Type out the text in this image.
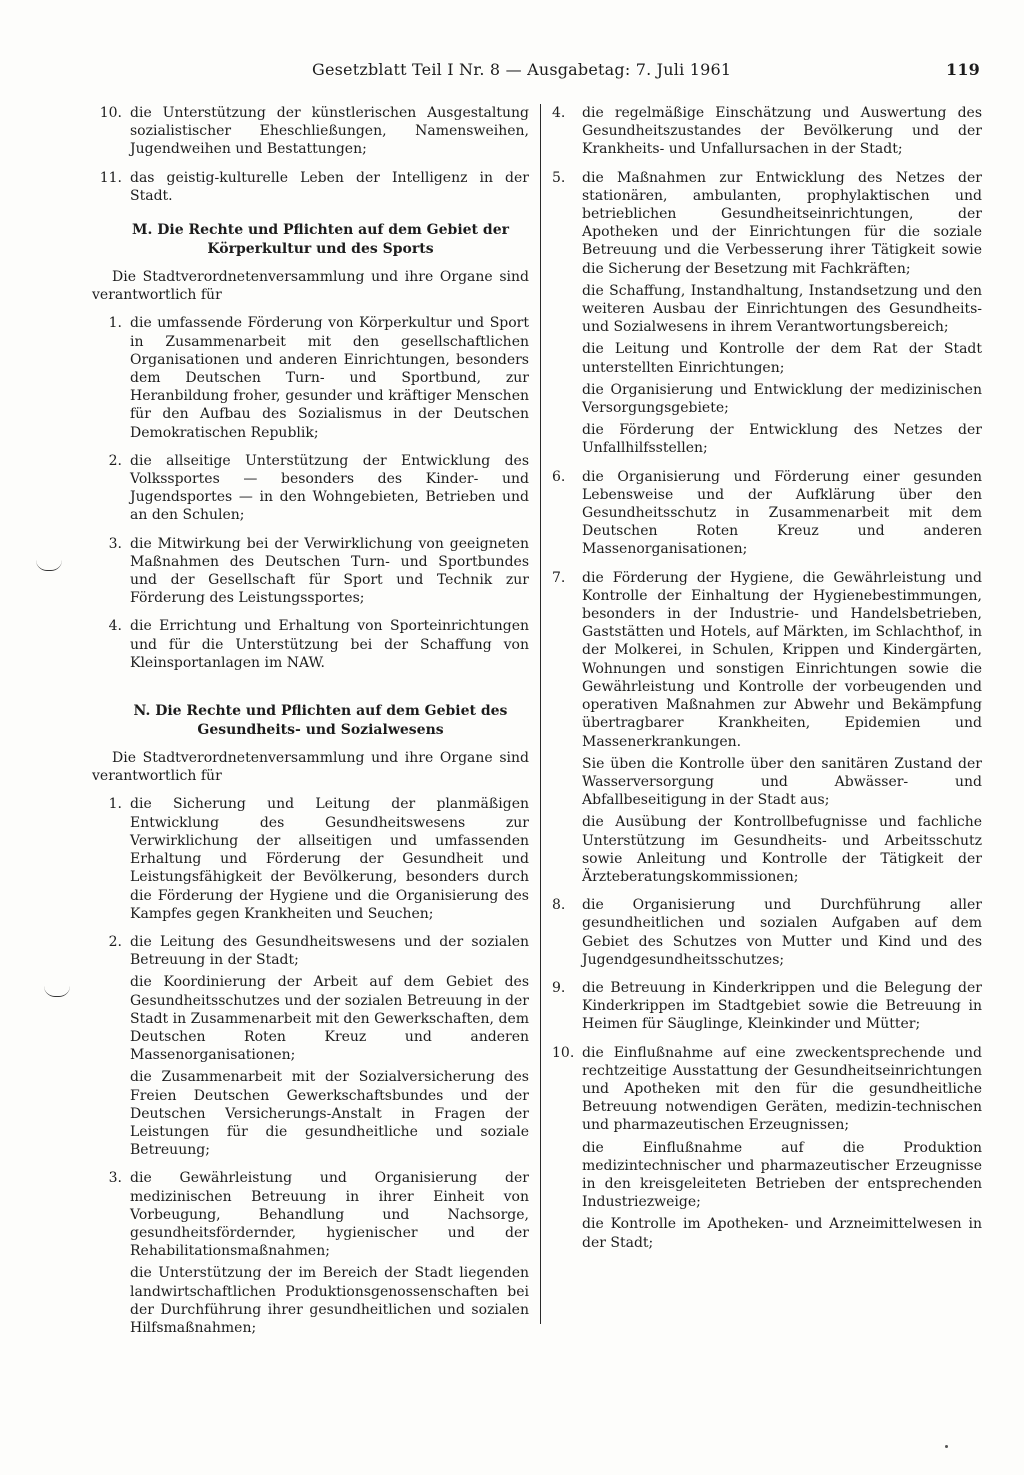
Gesetzblatt Teil I Nr. 8 — Ausgabetag: 7. Juli 1961	119
10. die Unterstützung der künstlerischen Ausgestaltung sozialistischer Eheschließungen, Namensweihen, Jugendweihen und Bestattungen;
11. das geistig-kulturelle Leben der Intelligenz in der Stadt.
M. Die Rechte und Pflichten auf dem Gebiet der
Körperkultur und des Sports
Die Stadtverordnetenversammlung und ihre Organe sind verantwortlich für
1. die umfassende Förderung von Körperkultur und Sport in Zusammenarbeit mit den gesellschaftlichen Organisationen und anderen Einrichtungen, besonders dem Deutschen Turn- und Sportbund, zur Heranbildung froher, gesunder und kräftiger Menschen für den Aufbau des Sozialismus in der Deutschen Demokratischen Republik;
2. die allseitige Unterstützung der Entwicklung des Volkssportes — besonders des Kinder- und Jugendsportes — in den Wohngebieten, Betrieben und an den Schulen;
3. die Mitwirkung bei der Verwirklichung von geeigneten Maßnahmen des Deutschen Turn- und Sportbundes und der Gesellschaft für Sport und Technik zur Förderung des Leistungssportes;
4. die Errichtung und Erhaltung von Sporteinrichtungen und für die Unterstützung bei der Schaffung von Kleinsportanlagen im NAW.
N. Die Rechte und Pflichten auf dem Gebiet des
Gesundheits- und Sozialwesens
Die Stadtverordnetenversammlung und ihre Organe sind verantwortlich für
1. die Sicherung und Leitung der planmäßigen Entwicklung des Gesundheitswesens zur Verwirklichung der allseitigen und umfassenden Erhaltung und Förderung der Gesundheit und Leistungsfähigkeit der Bevölkerung, besonders durch die Förderung der Hygiene und die Organisierung des Kampfes gegen Krankheiten und Seuchen;
2. die Leitung des Gesundheitswesens und der sozialen Betreuung in der Stadt;
die Koordinierung der Arbeit auf dem Gebiet des Gesundheitsschutzes und der sozialen Betreuung in der Stadt in Zusammenarbeit mit den Gewerkschaften, dem Deutschen Roten Kreuz und anderen Massenorganisationen;
die Zusammenarbeit mit der Sozialversicherung des Freien Deutschen Gewerkschaftsbundes und der Deutschen Versicherungs-Anstalt in Fragen der Leistungen für die gesundheitliche und soziale Betreuung;
3. die Gewährleistung und Organisierung der medizinischen Betreuung in ihrer Einheit von Vorbeugung, Behandlung und Nachsorge, gesundheitsfördernder, hygienischer und der Rehabilitationsmaßnahmen;
die Unterstützung der im Bereich der Stadt liegenden landwirtschaftlichen Produktionsgenossenschaften bei der Durchführung ihrer gesundheitlichen und sozialen Hilfsmaßnahmen;
4.	die regelmäßige Einschätzung und Auswertung des Gesundheitszustandes der Bevölkerung und der Krankheits- und Unfallursachen in der Stadt;
5.	die Maßnahmen zur Entwicklung des Netzes der stationären, ambulanten, prophylaktischen und betrieblichen Gesundheitseinrichtungen, der Apotheken und der Einrichtungen für die soziale Betreuung und die Verbesserung ihrer Tätigkeit sowie die Sicherung der Besetzung mit Fachkräften;
die Schaffung, Instandhaltung, Instandsetzung und den weiteren Ausbau der Einrichtungen des Gesundheits- und Sozialwesens in ihrem Verantwortungsbereich;
die Leitung und Kontrolle der dem Rat der Stadt unterstellten Einrichtungen;
die Organisierung und Entwicklung der medizinischen Versorgungsgebiete;
die Förderung der Entwicklung des Netzes der Unfallhilfsstellen;
6.	die Organisierung und Förderung einer gesunden Lebensweise und der Aufklärung über den Gesundheitsschutz in Zusammenarbeit mit dem Deutschen Roten Kreuz und anderen Massenorganisationen;
7.	die Förderung der Hygiene, die Gewährleistung und Kontrolle der Einhaltung der Hygienebestimmungen, besonders in der Industrie- und Handelsbetrieben, Gaststätten und Hotels, auf Märkten, im Schlachthof, in der Molkerei, in Schulen, Krippen und Kindergärten, Wohnungen und sonstigen Einrichtungen sowie die Gewährleistung und Kontrolle der vorbeugenden und operativen Maßnahmen zur Abwehr und Bekämpfung übertragbarer Krankheiten, Epidemien und Massenerkrankungen.
Sie üben die Kontrolle über den sanitären Zustand der Wasserversorgung und Abwässer- und Abfallbeseitigung in der Stadt aus;
die Ausübung der Kontrollbefugnisse und fachliche Unterstützung im Gesundheits- und Arbeitsschutz sowie Anleitung und Kontrolle der Tätigkeit der Ärzteberatungskommissionen;
8.	die Organisierung und Durchführung aller gesundheitlichen und sozialen Aufgaben auf dem Gebiet des Schutzes von Mutter und Kind und des Jugendgesundheitsschutzes;
9.	die Betreuung in Kinderkrippen und die Belegung der Kinderkrippen im Stadtgebiet sowie die Betreuung in Heimen für Säuglinge, Kleinkinder und Mütter;
10. die Einflußnahme auf eine zweckentsprechende und rechtzeitige Ausstattung der Gesundheitseinrichtungen und Apotheken mit den für die gesundheitliche Betreuung notwendigen Geräten, medizin-technischen und pharmazeutischen Erzeugnissen;
die Einflußnahme auf die Produktion medizintechnischer und pharmazeutischer Erzeugnisse in den kreisgeleiteten Betrieben der entsprechenden Industriezweige;
die Kontrolle im Apotheken- und Arzneimittelwesen in der Stadt;
